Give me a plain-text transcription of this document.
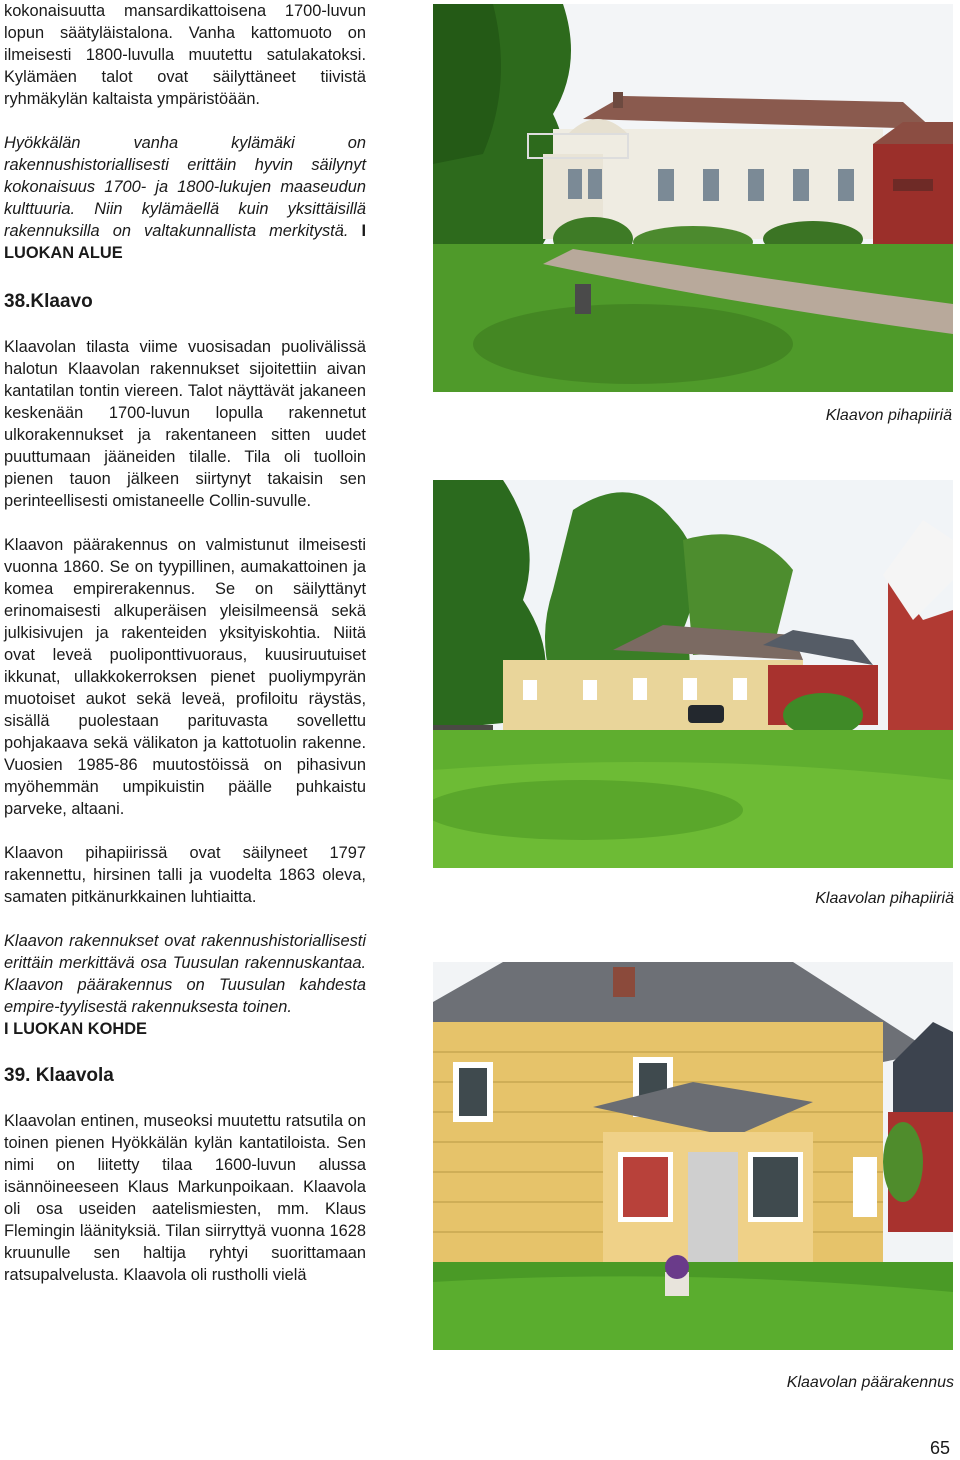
kokonaisuutta mansardikattoisena 1700-luvun lopun säätyläistalona. Vanha kattomuoto on ilmeisesti 1800-luvulla muutettu satulakatoksi. Kylämäen talot ovat säilyttäneet tiivistä ryhmäkylän kaltaista ympäristöään.

Hyökkälän vanha kylämäki on rakennushistoriallisesti erittäin hyvin säilynyt kokonaisuus 1700- ja 1800-lukujen maaseudun kulttuuria. Niin kylämäellä kuin yksittäisillä rakennuksilla on valtakunnallista merkitystä. I LUOKAN ALUE

38.Klaavo

Klaavolan tilasta viime vuosisadan puolivälissä halotun Klaavolan rakennukset sijoitettiin aivan kantatilan tontin viereen. Talot näyttävät jakaneen keskenään 1700-luvun lopulla rakennetut ulkorakennukset ja rakentaneen sitten uudet puuttumaan jääneiden tilalle. Tila oli tuolloin pienen tauon jälkeen siirtynyt takaisin sen perinteellisesti omistaneelle Collin-suvulle.

Klaavon päärakennus on valmistunut ilmeisesti vuonna 1860. Se on tyypillinen, aumakattoinen ja komea empirerakennus. Se on säilyttänyt erinomaisesti alkuperäisen yleisilmeensä sekä julkisivujen ja rakenteiden yksityiskohtia. Niitä ovat leveä puoliponttivuoraus, kuusiruutuiset ikkunat, ullakkokerroksen pienet puoliympyrän muotoiset aukot sekä leveä, profiloitu räystäs, sisällä puolestaan parituvasta sovellettu pohjakaava sekä välikaton ja kattotuolin rakenne. Vuosien 1985-86 muutostöissä on pihasivun myöhemmän umpikuistin päälle puhkaistu parveke, altaani.

Klaavon pihapiirissä ovat säilyneet 1797 rakennettu, hirsinen talli ja vuodelta 1863 oleva, samaten pitkänurkkainen luhtiaitta.

Klaavon rakennukset ovat rakennushistoriallisesti erittäin merkittävä osa Tuusulan rakennuskantaa. Klaavon päärakennus on Tuusulan kahdesta empire-tyylisestä rakennuksesta toinen.

I LUOKAN KOHDE

39. Klaavola

Klaavolan entinen, museoksi muutettu ratsutila on toinen pienen Hyökkälän kylän kantatiloista. Sen nimi on liitetty tilaa 1600-luvun alussa isännöineeseen Klaus Markunpoikaan. Klaavola oli osa useiden aatelismiesten, mm. Klaus Flemingin läänityksiä. Tilan siirryttyä vuonna 1628 kruunulle sen haltija ryhtyi suorittamaan ratsupalvelusta. Klaavola oli rustholli vielä

Klaavon pihapiiriä
Klaavolan pihapiiriä
Klaavolan päärakennus
65
